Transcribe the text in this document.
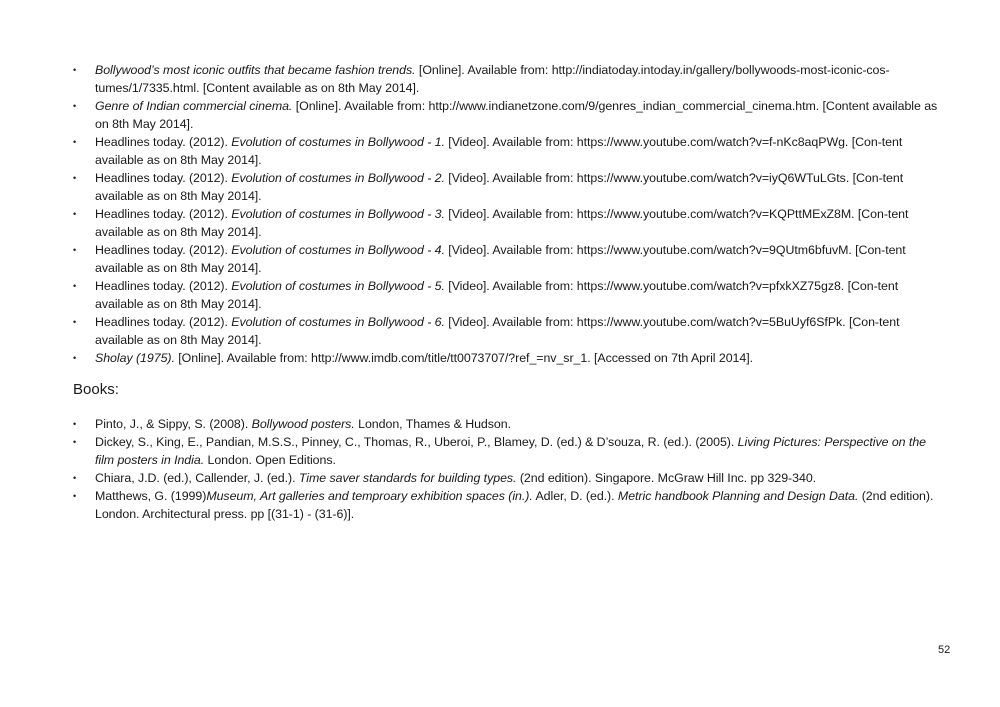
• Bollywood’s most iconic outfits that became fashion trends. [Online]. Available from: http://indiatoday.intoday.in/gallery/bollywoods-most-iconic-cos-tumes/1/7335.html. [Content available as on 8th May 2014].
• Genre of Indian commercial cinema. [Online]. Available from: http://www.indianetzone.com/9/genres_indian_commercial_cinema.htm. [Content available as on 8th May 2014].
• Headlines today. (2012). Evolution of costumes in Bollywood - 1. [Video]. Available from: https://www.youtube.com/watch?v=f-nKc8aqPWg. [Con-tent available as on 8th May 2014].
• Headlines today. (2012). Evolution of costumes in Bollywood - 2. [Video]. Available from: https://www.youtube.com/watch?v=iyQ6WTuLGts. [Con-tent available as on 8th May 2014].
• Headlines today. (2012). Evolution of costumes in Bollywood - 3. [Video]. Available from: https://www.youtube.com/watch?v=KQPttMExZ8M. [Con-tent available as on 8th May 2014].
• Headlines today. (2012). Evolution of costumes in Bollywood - 4. [Video]. Available from: https://www.youtube.com/watch?v=9QUtm6bfuvM. [Con-tent available as on 8th May 2014].
• Headlines today. (2012). Evolution of costumes in Bollywood - 5. [Video]. Available from: https://www.youtube.com/watch?v=pfxkXZ75gz8. [Con-tent available as on 8th May 2014].
• Headlines today. (2012). Evolution of costumes in Bollywood - 6. [Video]. Available from: https://www.youtube.com/watch?v=5BuUyf6SfPk. [Con-tent available as on 8th May 2014].
• Sholay (1975). [Online]. Available from: http://www.imdb.com/title/tt0073707/?ref_=nv_sr_1. [Accessed on 7th April 2014].
Books:
• Pinto, J., & Sippy, S. (2008). Bollywood posters. London, Thames & Hudson.
• Dickey, S., King, E., Pandian, M.S.S., Pinney, C., Thomas, R., Uberoi, P., Blamey, D. (ed.) & D’souza, R. (ed.). (2005). Living Pictures: Perspective on the film posters in India. London. Open Editions.
• Chiara, J.D. (ed.), Callender, J. (ed.). Time saver standards for building types. (2nd edition). Singapore. McGraw Hill Inc. pp 329-340.
• Matthews, G. (1999)Museum, Art galleries and temproary exhibition spaces (in.). Adler, D. (ed.). Metric handbook Planning and Design Data. (2nd edition). London. Architectural press. pp [(31-1) - (31-6)].
52
